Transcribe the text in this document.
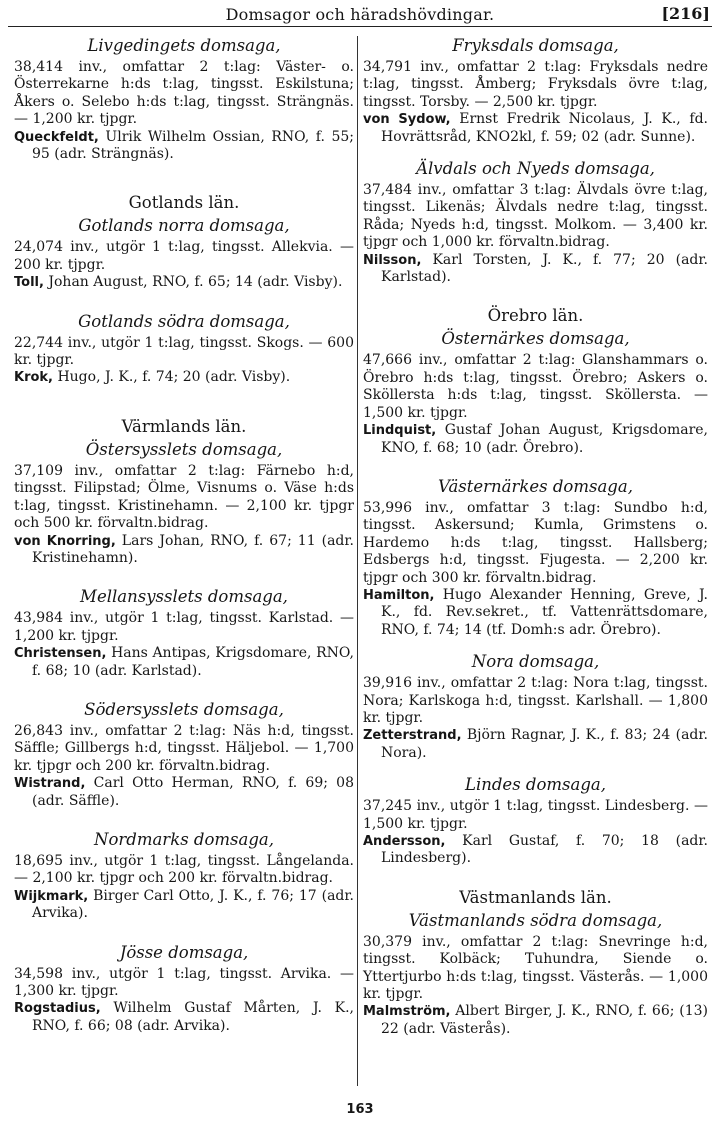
Domsagor och häradshövdingar.	[216]
Livgedingets domsaga,

38,414 inv., omfattar 2 t:lag: Väster- o. Österrekarne h:ds t:lag, tingsst. Eskilstuna; Åkers o. Selebo h:ds t:lag, tingsst. Strängnäs. — 1,200 kr. tjpgr.

Queckfeldt, Ulrik Wilhelm Ossian, RNO, f. 55; 95 (adr. Strängnäs).

Gotlands län.
Gotlands norra domsaga,

24,074 inv., utgör 1 t:lag, tingsst. Allekvia. — 200 kr. tjpgr.

Toll, Johan August, RNO, f. 65; 14 (adr. Visby).

Gotlands södra domsaga,

22,744 inv., utgör 1 t:lag, tingsst. Skogs. — 600 kr. tjpgr.

Krok, Hugo, J. K., f. 74; 20 (adr. Visby).

Värmlands län.
Östersysslets domsaga,

37,109 inv., omfattar 2 t:lag: Färnebo h:d, tingsst. Filipstad; Ölme, Visnums o. Väse h:ds t:lag, tingsst. Kristinehamn. — 2,100 kr. tjpgr och 500 kr. förvaltn.bidrag.

von Knorring, Lars Johan, RNO, f. 67; 11 (adr. Kristinehamn).

Mellansysslets domsaga,

43,984 inv., utgör 1 t:lag, tingsst. Karlstad. — 1,200 kr. tjpgr.

Christensen, Hans Antipas, Krigsdomare, RNO, f. 68; 10 (adr. Karlstad).

Södersysslets domsaga,

26,843 inv., omfattar 2 t:lag: Näs h:d, tingsst. Säffle; Gillbergs h:d, tingsst. Häljebol. — 1,700 kr. tjpgr och 200 kr. förvaltn.bidrag.

Wistrand, Carl Otto Herman, RNO, f. 69; 08 (adr. Säffle).

Nordmarks domsaga,

18,695 inv., utgör 1 t:lag, tingsst. Långelanda. — 2,100 kr. tjpgr och 200 kr. förvaltn.bidrag.

Wijkmark, Birger Carl Otto, J. K., f. 76; 17 (adr. Arvika).

Jösse domsaga,

34,598 inv., utgör 1 t:lag, tingsst. Arvika. — 1,300 kr. tjpgr.

Rogstadius, Wilhelm Gustaf Mårten, J. K., RNO, f. 66; 08 (adr. Arvika).

Fryksdals domsaga,

34,791 inv., omfattar 2 t:lag: Fryksdals nedre t:lag, tingsst. Åmberg; Fryksdals övre t:lag, tingsst. Torsby. — 2,500 kr. tjpgr.

von Sydow, Ernst Fredrik Nicolaus, J. K., fd. Hovrättsråd, KNO2kl, f. 59; 02 (adr. Sunne).

Älvdals och Nyeds domsaga,

37,484 inv., omfattar 3 t:lag: Älvdals övre t:lag, tingsst. Likenäs; Älvdals nedre t:lag, tingsst. Råda; Nyeds h:d, tingsst. Molkom. — 3,400 kr. tjpgr och 1,000 kr. förvaltn.bidrag.

Nilsson, Karl Torsten, J. K., f. 77; 20 (adr. Karlstad).

Örebro län.
Östernärkes domsaga,

47,666 inv., omfattar 2 t:lag: Glanshammars o. Örebro h:ds t:lag, tingsst. Örebro; Askers o. Sköllersta h:ds t:lag, tingsst. Sköllersta. — 1,500 kr. tjpgr.

Lindquist, Gustaf Johan August, Krigsdomare, KNO, f. 68; 10 (adr. Örebro).

Västernärkes domsaga,

53,996 inv., omfattar 3 t:lag: Sundbo h:d, tingsst. Askersund; Kumla, Grimstens o. Hardemo h:ds t:lag, tingsst. Hallsberg; Edsbergs h:d, tingsst. Fjugesta. — 2,200 kr. tjpgr och 300 kr. förvaltn.bidrag.

Hamilton, Hugo Alexander Henning, Greve, J. K., fd. Rev.sekret., tf. Vattenrättsdomare, RNO, f. 74; 14 (tf. Domh:s adr. Örebro).

Nora domsaga,

39,916 inv., omfattar 2 t:lag: Nora t:lag, tingsst. Nora; Karlskoga h:d, tingsst. Karlshall. — 1,800 kr. tjpgr.

Zetterstrand, Björn Ragnar, J. K., f. 83; 24 (adr. Nora).

Lindes domsaga,

37,245 inv., utgör 1 t:lag, tingsst. Lindesberg. — 1,500 kr. tjpgr.

Andersson, Karl Gustaf, f. 70; 18 (adr. Lindesberg).

Västmanlands län.
Västmanlands södra domsaga,

30,379 inv., omfattar 2 t:lag: Snevringe h:d, tingsst. Kolbäck; Tuhundra, Siende o. Yttertjurbo h:ds t:lag, tingsst. Västerås. — 1,000 kr. tjpgr.

Malmström, Albert Birger, J. K., RNO, f. 66; (13) 22 (adr. Västerås).

163
